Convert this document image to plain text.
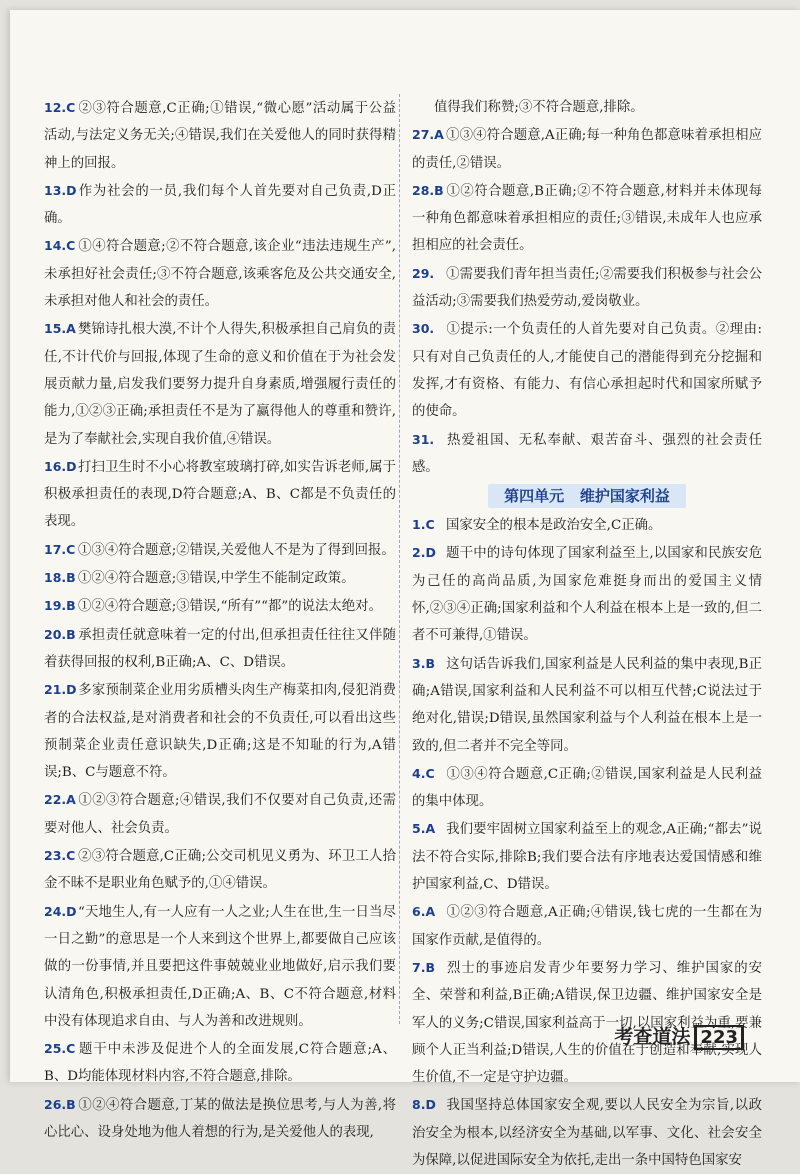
12.C ②③符合题意,C正确;①错误,“微心愿”活动属于公益活动,与法定义务无关;④错误,我们在关爱他人的同时获得精神上的回报。
13.D作为社会的一员,我们每个人首先要对自己负责,D正确。
14.C ①④符合题意;②不符合题意,该企业“违法违规生产”,未承担好社会责任;③不符合题意,该乘客危及公共交通安全,未承担对他人和社会的责任。
15.A 樊锦诗扎根大漠,不计个人得失,积极承担自己肩负的责任,不计代价与回报,体现了生命的意义和价值在于为社会发展贡献力量,启发我们要努力提升自身素质,增强履行责任的能力,①②③正确;承担责任不是为了赢得他人的尊重和赞许,是为了奉献社会,实现自我价值,④错误。
16.D打扫卫生时不小心将教室玻璃打碎,如实告诉老师,属于积极承担责任的表现,D符合题意;A、B、C都是不负责任的表现。
17.C ①③④符合题意;②错误,关爱他人不是为了得到回报。
18.B ①②④符合题意;③错误,中学生不能制定政策。
19.B ①②④符合题意;③错误,“所有”“都”的说法太绝对。
20.B 承担责任就意味着一定的付出,但承担责任往往又伴随着获得回报的权利,B正确;A、C、D错误。
21.D多家预制菜企业用劣质槽头肉生产梅菜扣肉,侵犯消费者的合法权益,是对消费者和社会的不负责任,可以看出这些预制菜企业责任意识缺失,D正确;这是不知耻的行为,A错误;B、C与题意不符。
22.A ①②③符合题意;④错误,我们不仅要对自己负责,还需要对他人、社会负责。
23.C ②③符合题意,C正确;公交司机见义勇为、环卫工人拾金不昧不是职业角色赋予的,①④错误。
24.D“天地生人,有一人应有一人之业;人生在世,生一日当尽一日之勤”的意思是一个人来到这个世界上,都要做自己应该做的一份事情,并且要把这件事兢兢业业地做好,启示我们要认清角色,积极承担责任,D正确;A、B、C不符合题意,材料中没有体现追求自由、与人为善和改进规则。
25.C 题干中未涉及促进个人的全面发展,C符合题意;A、B、D均能体现材料内容,不符合题意,排除。
26.B ①②④符合题意,丁某的做法是换位思考,与人为善,将心比心、设身处地为他人着想的行为,是关爱他人的表现,
值得我们称赞;③不符合题意,排除。
27.A ①③④符合题意,A正确;每一种角色都意味着承担相应的责任,②错误。
28.B ①②符合题意,B正确;②不符合题意,材料并未体现每一种角色都意味着承担相应的责任;③错误,未成年人也应承担相应的社会责任。
29. ①需要我们青年担当责任;②需要我们积极参与社会公益活动;③需要我们热爱劳动,爱岗敬业。
30. ①提示:一个负责任的人首先要对自己负责。②理由:只有对自己负责任的人,才能使自己的潜能得到充分挖掘和发挥,才有资格、有能力、有信心承担起时代和国家所赋予的使命。
31. 热爱祖国、无私奉献、艰苦奋斗、强烈的社会责任感。
第四单元 维护国家利益
1.C 国家安全的根本是政治安全,C正确。
2.D 题干中的诗句体现了国家利益至上,以国家和民族安危为己任的高尚品质,为国家危难挺身而出的爱国主义情怀,②③④正确;国家利益和个人利益在根本上是一致的,但二者不可兼得,①错误。
3.B 这句话告诉我们,国家利益是人民利益的集中表现,B正确;A错误,国家利益和人民利益不可以相互代替;C说法过于绝对化,错误;D错误,虽然国家利益与个人利益在根本上是一致的,但二者并不完全等同。
4.C ①③④符合题意,C正确;②错误,国家利益是人民利益的集中体现。
5.A 我们要牢固树立国家利益至上的观念,A正确;“都去”说法不符合实际,排除B;我们要合法有序地表达爱国情感和维护国家利益,C、D错误。
6.A ①②③符合题意,A正确;④错误,钱七虎的一生都在为国家作贡献,是值得的。
7.B 烈士的事迹启发青少年要努力学习、维护国家的安全、荣誉和利益,B正确;A错误,保卫边疆、维护国家安全是军人的义务;C错误,国家利益高于一切,以国家利益为重,要兼顾个人正当利益;D错误,人生的价值在于创造和奉献,实现人生价值,不一定是守护边疆。
8.D 我国坚持总体国家安全观,要以人民安全为宗旨,以政治安全为根本,以经济安全为基础,以军事、文化、社会安全为保障,以促进国际安全为依托,走出一条中国特色国家安
考查道法 223
